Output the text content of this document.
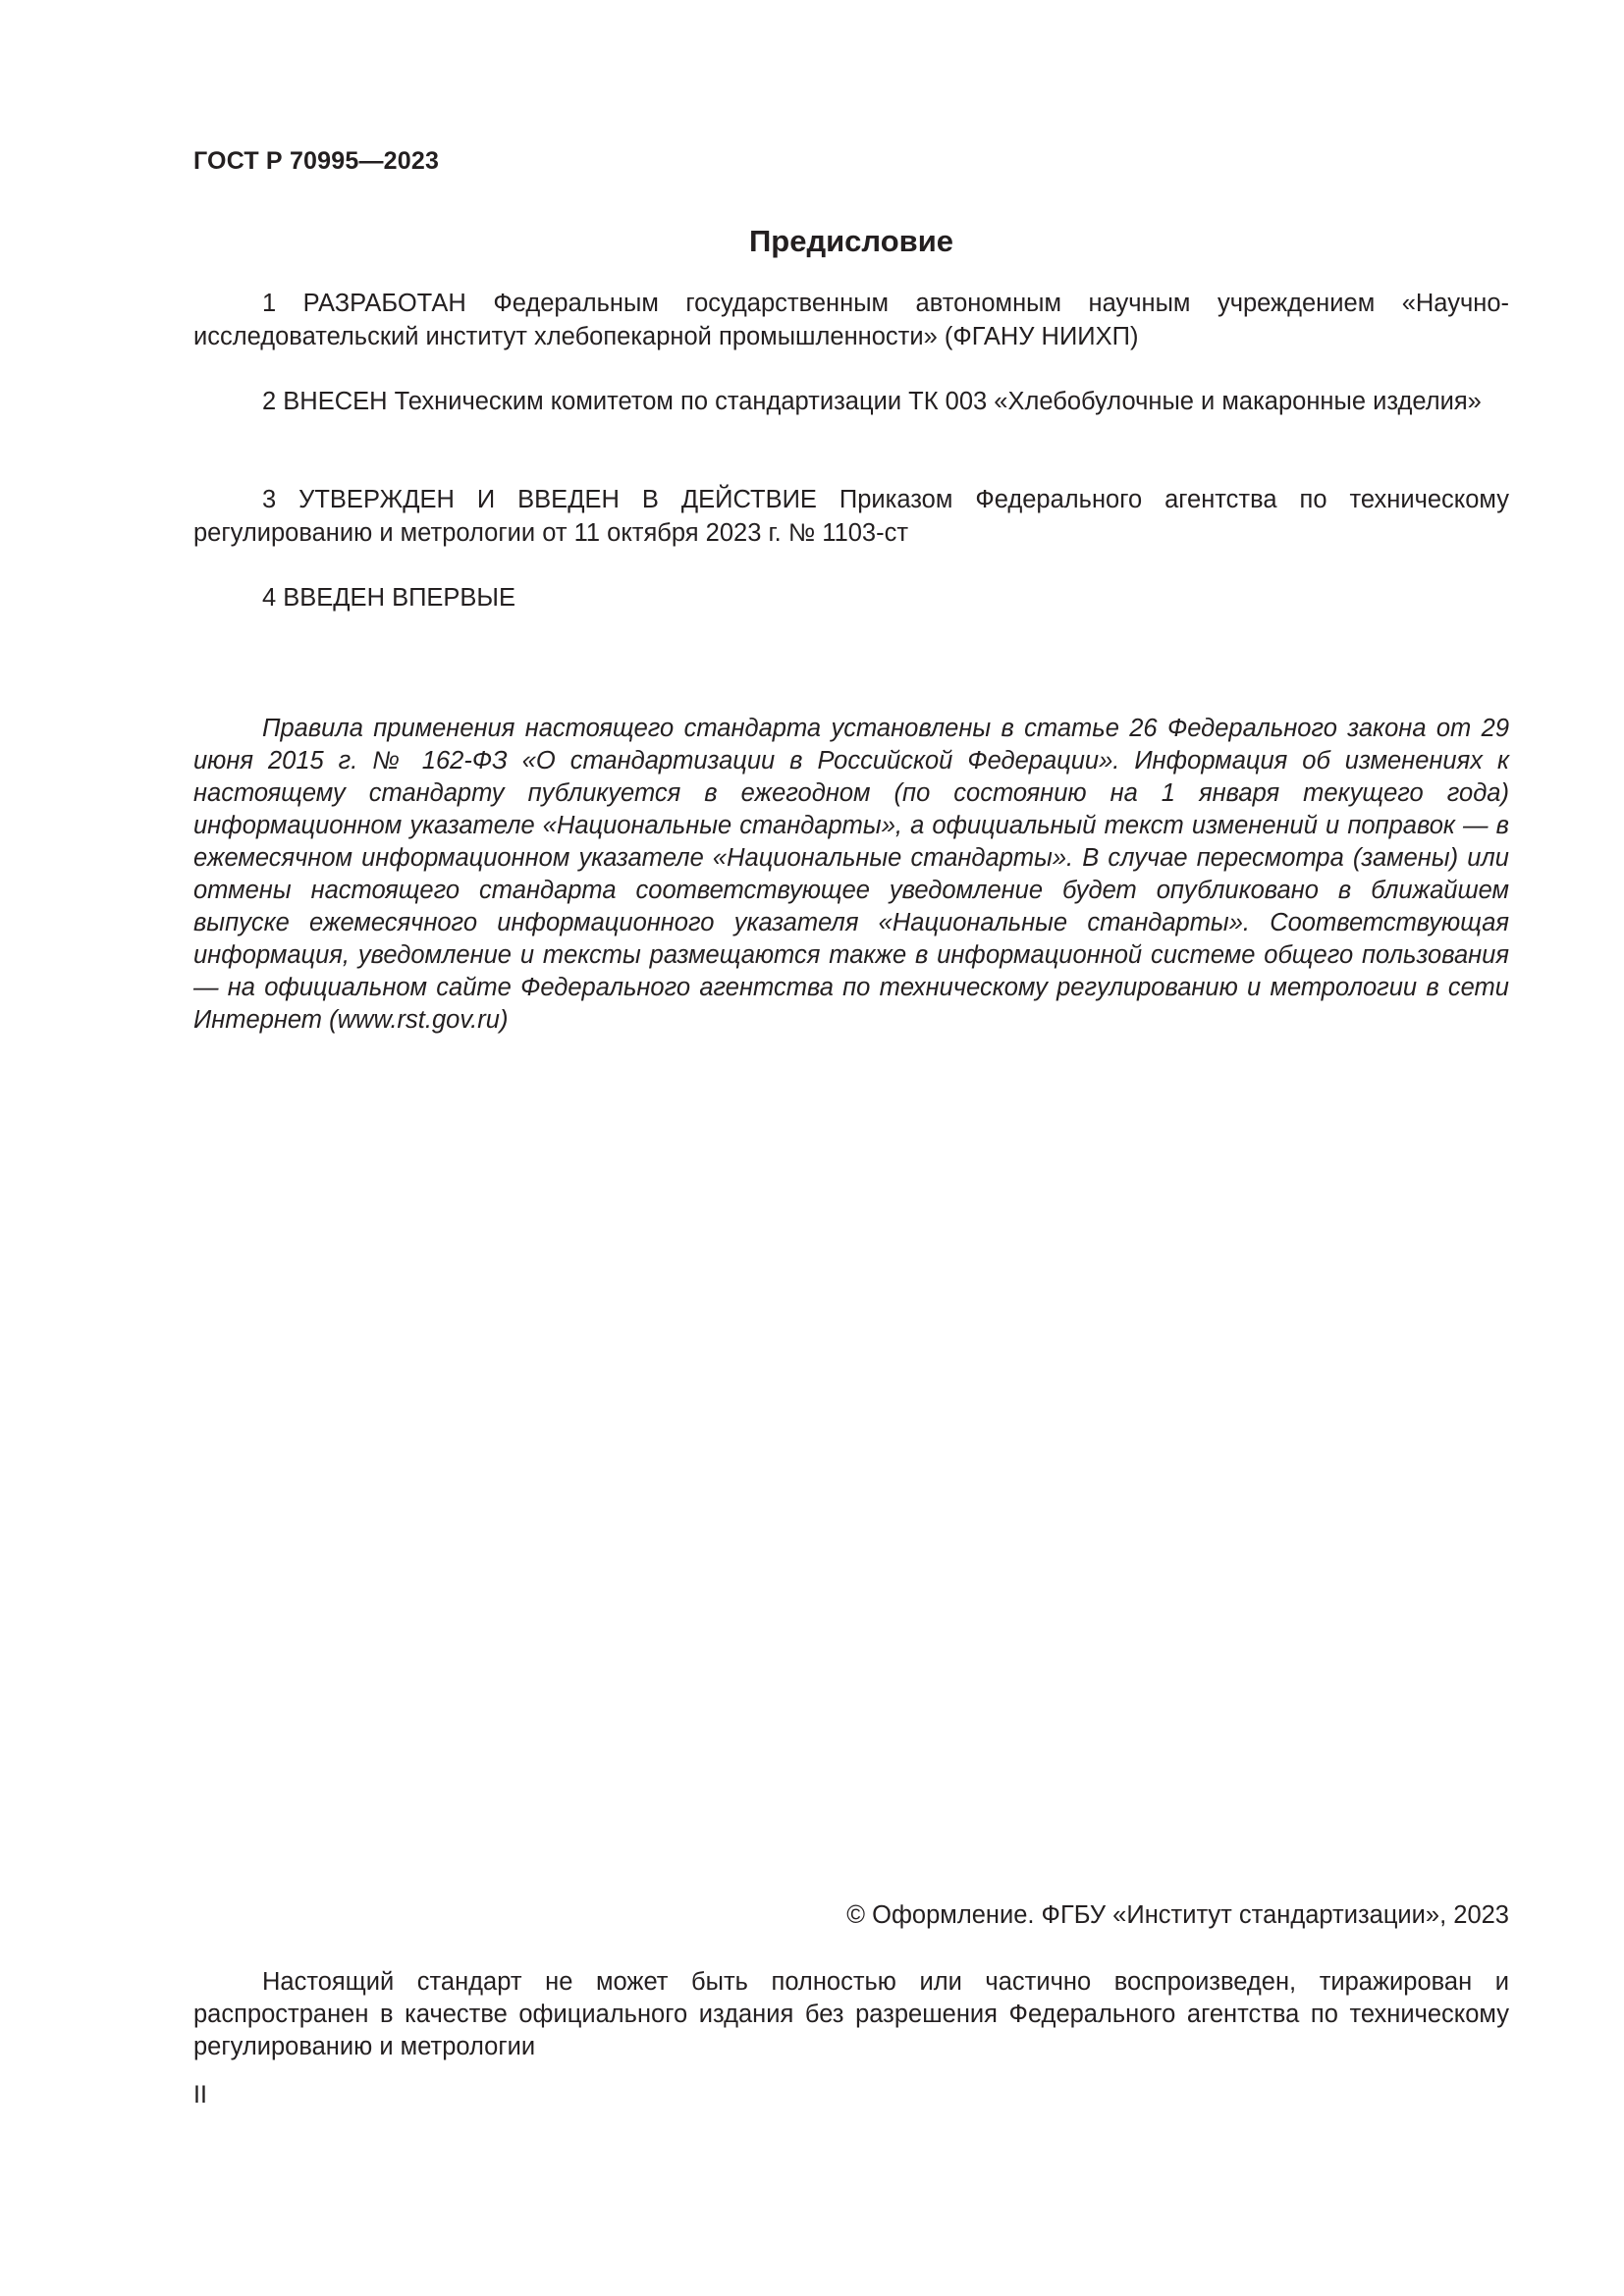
ГОСТ Р 70995—2023
Предисловие

1 РАЗРАБОТАН Федеральным государственным автономным научным учреждением «Научно-исследовательский институт хлебопекарной промышленности» (ФГАНУ НИИХП)

2 ВНЕСЕН Техническим комитетом по стандартизации ТК 003 «Хлебобулочные и макаронные изделия»

3 УТВЕРЖДЕН И ВВЕДЕН В ДЕЙСТВИЕ Приказом Федерального агентства по техническому регулированию и метрологии от 11 октября 2023 г. № 1103-ст

4 ВВЕДЕН ВПЕРВЫЕ

Правила применения настоящего стандарта установлены в статье 26 Федерального закона от 29 июня 2015 г. № 162-ФЗ «О стандартизации в Российской Федерации». Информация об изменениях к настоящему стандарту публикуется в ежегодном (по состоянию на 1 января текущего года) информационном указателе «Национальные стандарты», а официальный текст изменений и поправок — в ежемесячном информационном указателе «Национальные стандарты». В случае пересмотра (замены) или отмены настоящего стандарта соответствующее уведомление будет опубликовано в ближайшем выпуске ежемесячного информационного указателя «Национальные стандарты». Соответствующая информация, уведомление и тексты размещаются также в информационной системе общего пользования — на официальном сайте Федерального агентства по техническому регулированию и метрологии в сети Интернет (www.rst.gov.ru)

© Оформление. ФГБУ «Институт стандартизации», 2023

Настоящий стандарт не может быть полностью или частично воспроизведен, тиражирован и распространен в качестве официального издания без разрешения Федерального агентства по техническому регулированию и метрологии

II
